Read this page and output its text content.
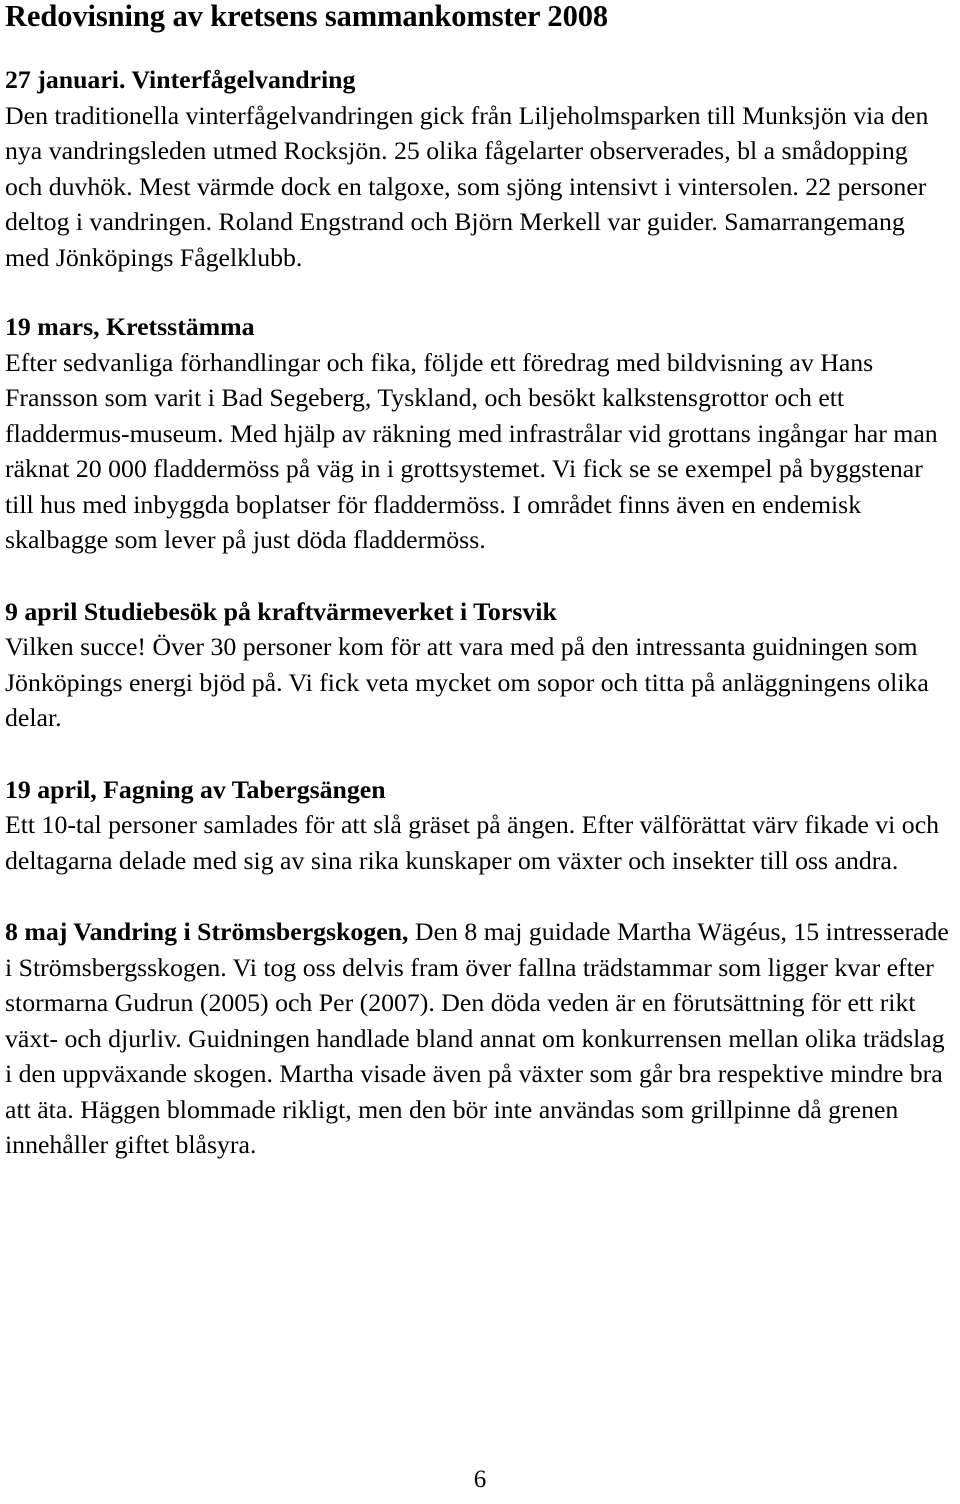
Redovisning av kretsens sammankomster 2008

27 januari. Vinterfågelvandring
Den traditionella vinterfågelvandringen gick från Liljeholmsparken till Munksjön via den nya vandringsleden utmed Rocksjön. 25 olika fågelarter observerades, bl a smådopping och duvhök. Mest värmde dock en talgoxe, som sjöng intensivt i vintersolen. 22 personer deltog i vandringen. Roland Engstrand och Björn Merkell var guider. Samarrangemang med Jönköpings Fågelklubb.

19 mars, Kretsstämma
Efter sedvanliga förhandlingar och fika, följde ett föredrag med bildvisning av Hans Fransson som varit i Bad Segeberg, Tyskland, och besökt kalkstensgrottor och ett fladdermus-museum. Med hjälp av räkning med infrastrålar vid grottans ingångar har man räknat 20 000 fladdermöss på väg in i grottsystemet. Vi fick se se exempel på byggstenar till hus med inbyggda boplatser för fladdermöss. I området finns även en endemisk skalbagge som lever på just döda fladdermöss.

9 april Studiebesök på kraftvärmeverket i Torsvik
Vilken succe! Över 30 personer kom för att vara med på den intressanta guidningen som Jönköpings energi bjöd på. Vi fick veta mycket om sopor och titta på anläggningens olika delar.

19 april, Fagning av Tabergsängen
Ett 10-tal personer samlades för att slå gräset på ängen. Efter välförättat värv fikade vi och deltagarna delade med sig av sina rika kunskaper om växter och insekter till oss andra.

8 maj Vandring i Strömsbergskogen, Den 8 maj guidade Martha Wägéus, 15 intresserade i Strömsbergsskogen. Vi tog oss delvis fram över fallna trädstammar som ligger kvar efter stormarna Gudrun (2005) och Per (2007). Den döda veden är en förutsättning för ett rikt växt- och djurliv. Guidningen handlade bland annat om konkurrensen mellan olika trädslag i den uppväxande skogen. Martha visade även på växter som går bra respektive mindre bra att äta. Häggen blommade rikligt, men den bör inte användas som grillpinne då grenen innehåller giftet blåsyra.

6
